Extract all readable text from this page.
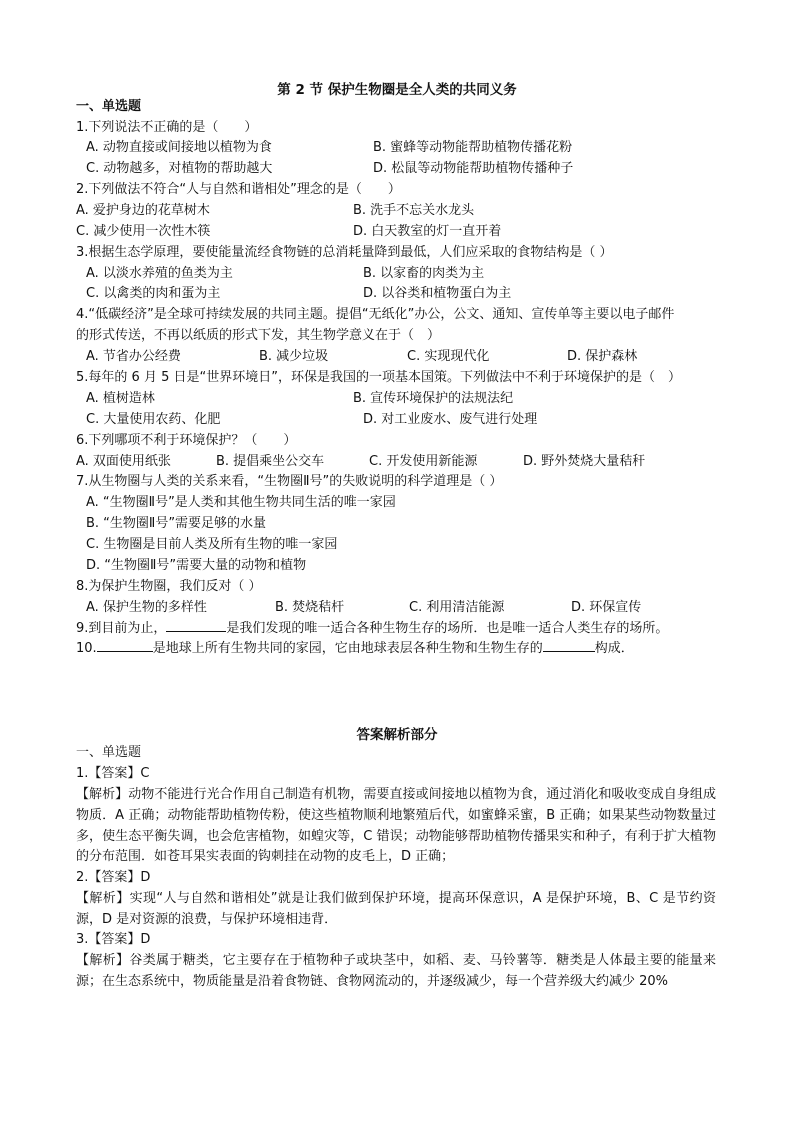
第 2 节 保护生物圈是全人类的共同义务
一、单选题
1.下列说法不正确的是（　　）
A. 动物直接或间接地以植物为食	B. 蜜蜂等动物能帮助植物传播花粉
C. 动物越多，对植物的帮助越大	D. 松鼠等动物能帮助植物传播种子
2.下列做法不符合“人与自然和谐相处”理念的是（　　）
A. 爱护身边的花草树木	B. 洗手不忘关水龙头
C. 减少使用一次性木筷	D. 白天教室的灯一直开着
3.根据生态学原理，要使能量流经食物链的总消耗量降到最低，人们应采取的食物结构是（ ）
A. 以淡水养殖的鱼类为主	B. 以家畜的肉类为主
C. 以禽类的肉和蛋为主	D. 以谷类和植物蛋白为主
4.“低碳经济”是全球可持续发展的共同主题。提倡“无纸化”办公，公文、通知、宣传单等主要以电子邮件
的形式传送，不再以纸质的形式下发，其生物学意义在于（　）
A. 节省办公经费	B. 减少垃圾	C. 实现现代化	D. 保护森林
5.每年的 6 月 5 日是“世界环境日”，环保是我国的一项基本国策。下列做法中不利于环境保护的是（　）
A. 植树造林	B. 宣传环境保护的法规法纪
C. 大量使用农药、化肥	D. 对工业废水、废气进行处理
6.下列哪项不利于环境保护？（　　）
A. 双面使用纸张	B. 提倡乘坐公交车	C. 开发使用新能源	D. 野外焚烧大量秸秆
7.从生物圈与人类的关系来看，“生物圈Ⅱ号”的失败说明的科学道理是（ ）
A. “生物圈Ⅱ号”是人类和其他生物共同生活的唯一家园
B. “生物圈Ⅱ号”需要足够的水量
C. 生物圈是目前人类及所有生物的唯一家园
D. “生物圈Ⅱ号”需要大量的动物和植物
8.为保护生物圈，我们反对（ ）
A. 保护生物的多样性	B. 焚烧秸杆	C. 利用清洁能源	D. 环保宣传
9.到目前为止，	是我们发现的唯一适合各种生物生存的场所．也是唯一适合人类生存的场所。
10.	是地球上所有生物共同的家园，它由地球表层各种生物和生物生存的	构成．
答案解析部分
一、单选题
1.【答案】C
【解析】动物不能进行光合作用自己制造有机物，需要直接或间接地以植物为食，通过消化和吸收变成自身组成物质．A 正确；动物能帮助植物传粉，使这些植物顺利地繁殖后代，如蜜蜂采蜜，B 正确；如果某些动物数量过多，使生态平衡失调，也会危害植物，如蝗灾等，C 错误；动物能够帮助植物传播果实和种子，有利于扩大植物的分布范围．如苍耳果实表面的钩刺挂在动物的皮毛上，D 正确；
2.【答案】D
【解析】实现“人与自然和谐相处”就是让我们做到保护环境，提高环保意识，A 是保护环境，B、C 是节约资源，D 是对资源的浪费，与保护环境相违背．
3.【答案】D
【解析】谷类属于糖类，它主要存在于植物种子或块茎中，如稻、麦、马铃薯等．糖类是人体最主要的能量来源；在生态系统中，物质能量是沿着食物链、食物网流动的，并逐级减少，每一个营养级大约减少 20%
